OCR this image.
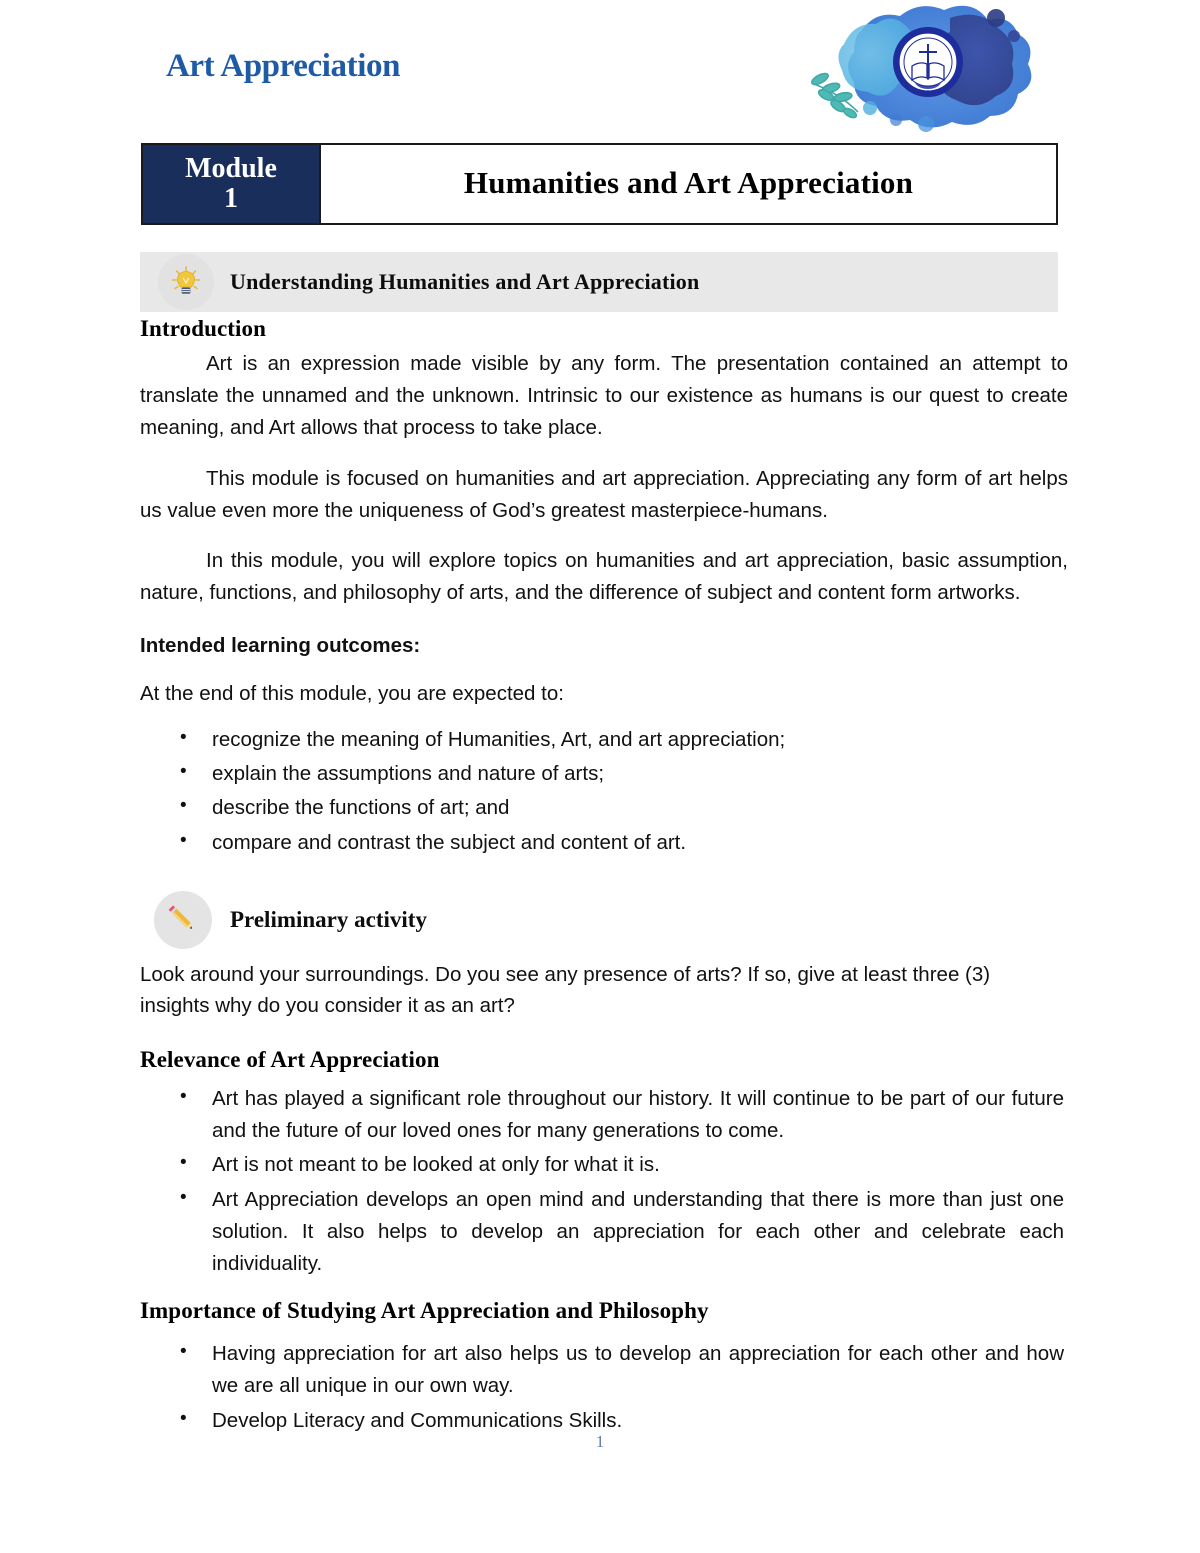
Art Appreciation
Module
1	Humanities and Art Appreciation
Understanding Humanities and Art Appreciation
Introduction

Art is an expression made visible by any form. The presentation contained an attempt to translate the unnamed and the unknown. Intrinsic to our existence as humans is our quest to create meaning, and Art allows that process to take place.

This module is focused on humanities and art appreciation. Appreciating any form of art helps us value even more the uniqueness of God’s greatest masterpiece-humans.

In this module, you will explore topics on humanities and art appreciation, basic assumption, nature, functions, and philosophy of arts, and the difference of subject and content form artworks.

Intended learning outcomes:

At the end of this module, you are expected to:

• recognize the meaning of Humanities, Art, and art appreciation;
• explain the assumptions and nature of arts;
• describe the functions of art; and
• compare and contrast the subject and content of art.
Preliminary activity

Look around your surroundings. Do you see any presence of arts? If so, give at least three (3) insights why do you consider it as an art?

Relevance of Art Appreciation
• Art has played a significant role throughout our history. It will continue to be part of our future and the future of our loved ones for many generations to come.
• Art is not meant to be looked at only for what it is.
• Art Appreciation develops an open mind and understanding that there is more than just one solution. It also helps to develop an appreciation for each other and celebrate each individuality.
Importance of Studying Art Appreciation and Philosophy
• Having appreciation for art also helps us to develop an appreciation for each other and how we are all unique in our own way.
• Develop Literacy and Communications Skills.
1
